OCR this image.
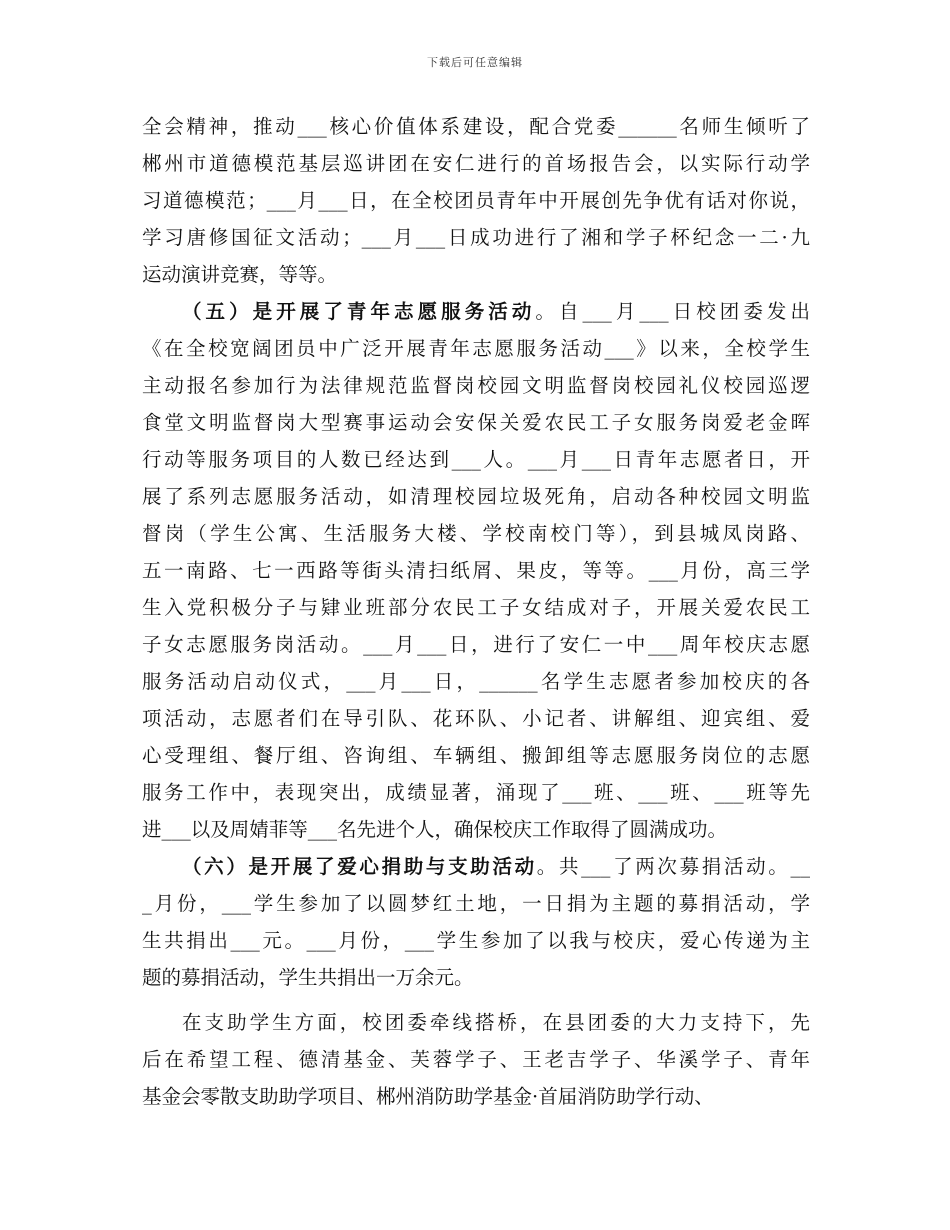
下载后可任意编辑
全会精神，推动___核心价值体系建设，配合党委______名师生倾听了
郴州市道德模范基层巡讲团在安仁进行的首场报告会，以实际行动学
习道德模范；___月___日，在全校团员青年中开展创先争优有话对你说，
学习唐修国征文活动；___月___日成功进行了湘和学子杯纪念一二·九
运动演讲竞赛，等等。
（五）是开展了青年志愿服务活动。自___月___日校团委发出
《在全校宽阔团员中广泛开展青年志愿服务活动___》以来，全校学生
主动报名参加行为法律规范监督岗校园文明监督岗校园礼仪校园巡逻
食堂文明监督岗大型赛事运动会安保关爱农民工子女服务岗爱老金晖
行动等服务项目的人数已经达到___人。___月___日青年志愿者日，开
展了系列志愿服务活动，如清理校园垃圾死角，启动各种校园文明监
督岗（学生公寓、生活服务大楼、学校南校门等），到县城凤岗路、
五一南路、七一西路等街头清扫纸屑、果皮，等等。___月份，高三学
生入党积极分子与肄业班部分农民工子女结成对子，开展关爱农民工
子女志愿服务岗活动。___月___日，进行了安仁一中___周年校庆志愿
服务活动启动仪式，___月___日，______名学生志愿者参加校庆的各
项活动，志愿者们在导引队、花环队、小记者、讲解组、迎宾组、爱
心受理组、餐厅组、咨询组、车辆组、搬卸组等志愿服务岗位的志愿
服务工作中，表现突出，成绩显著，涌现了___班、___班、___班等先
进___以及周婧菲等___名先进个人，确保校庆工作取得了圆满成功。
（六）是开展了爱心捐助与支助活动。共___了两次募捐活动。__
_月份，___学生参加了以圆梦红土地，一日捐为主题的募捐活动，学
生共捐出___元。___月份，___学生参加了以我与校庆，爱心传递为主
题的募捐活动，学生共捐出一万余元。
在支助学生方面，校团委牵线搭桥，在县团委的大力支持下，先
后在希望工程、德清基金、芙蓉学子、王老吉学子、华溪学子、青年
基金会零散支助助学项目、郴州消防助学基金·首届消防助学行动、
